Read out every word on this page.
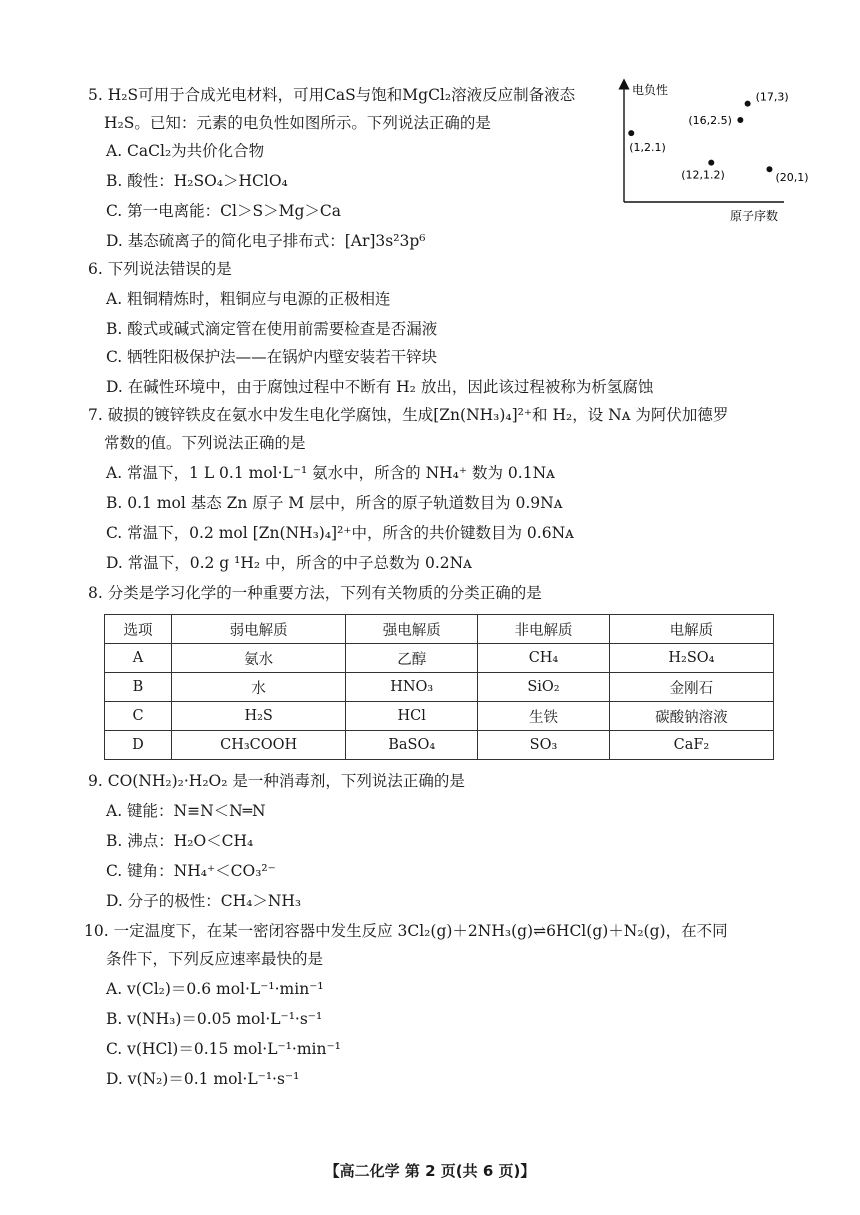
5. H₂S可用于合成光电材料，可用CaS与饱和MgCl₂溶液反应制备液态
H₂S。已知：元素的电负性如图所示。下列说法正确的是
A. CaCl₂为共价化合物
B. 酸性：H₂SO₄＞HClO₄
C. 第一电离能：Cl＞S＞Mg＞Ca
D. 基态硫离子的简化电子排布式：[Ar]3s²3p⁶
电负性
原子序数
(1,2.1)
(12,1.2)
(16,2.5)
(17,3)
(20,1)
6. 下列说法错误的是
A. 粗铜精炼时，粗铜应与电源的正极相连
B. 酸式或碱式滴定管在使用前需要检查是否漏液
C. 牺牲阳极保护法——在锅炉内壁安装若干锌块
D. 在碱性环境中，由于腐蚀过程中不断有 H₂ 放出，因此该过程被称为析氢腐蚀
7. 破损的镀锌铁皮在氨水中发生电化学腐蚀，生成[Zn(NH₃)₄]²⁺和 H₂，设 Nᴀ 为阿伏加德罗
常数的值。下列说法正确的是
A. 常温下，1 L 0.1 mol·L⁻¹ 氨水中，所含的 NH₄⁺ 数为 0.1Nᴀ
B. 0.1 mol 基态 Zn 原子 M 层中，所含的原子轨道数目为 0.9Nᴀ
C. 常温下，0.2 mol [Zn(NH₃)₄]²⁺中，所含的共价键数目为 0.6Nᴀ
D. 常温下，0.2 g ¹H₂ 中，所含的中子总数为 0.2Nᴀ
8. 分类是学习化学的一种重要方法，下列有关物质的分类正确的是
选项	弱电解质	强电解质	非电解质	电解质
A	氨水	乙醇	CH₄	H₂SO₄
B	水	HNO₃	SiO₂	金刚石
C	H₂S	HCl	生铁	碳酸钠溶液
D	CH₃COOH	BaSO₄	SO₃	CaF₂
9. CO(NH₂)₂·H₂O₂ 是一种消毒剂，下列说法正确的是
A. 键能：N≡N＜N═N
B. 沸点：H₂O＜CH₄
C. 键角：NH₄⁺＜CO₃²⁻
D. 分子的极性：CH₄＞NH₃
10. 一定温度下，在某一密闭容器中发生反应 3Cl₂(g)＋2NH₃(g)⇌6HCl(g)＋N₂(g)，在不同
条件下，下列反应速率最快的是
A. v(Cl₂)＝0.6 mol·L⁻¹·min⁻¹
B. v(NH₃)＝0.05 mol·L⁻¹·s⁻¹
C. v(HCl)＝0.15 mol·L⁻¹·min⁻¹
D. v(N₂)＝0.1 mol·L⁻¹·s⁻¹
【高二化学 第 2 页(共 6 页)】
